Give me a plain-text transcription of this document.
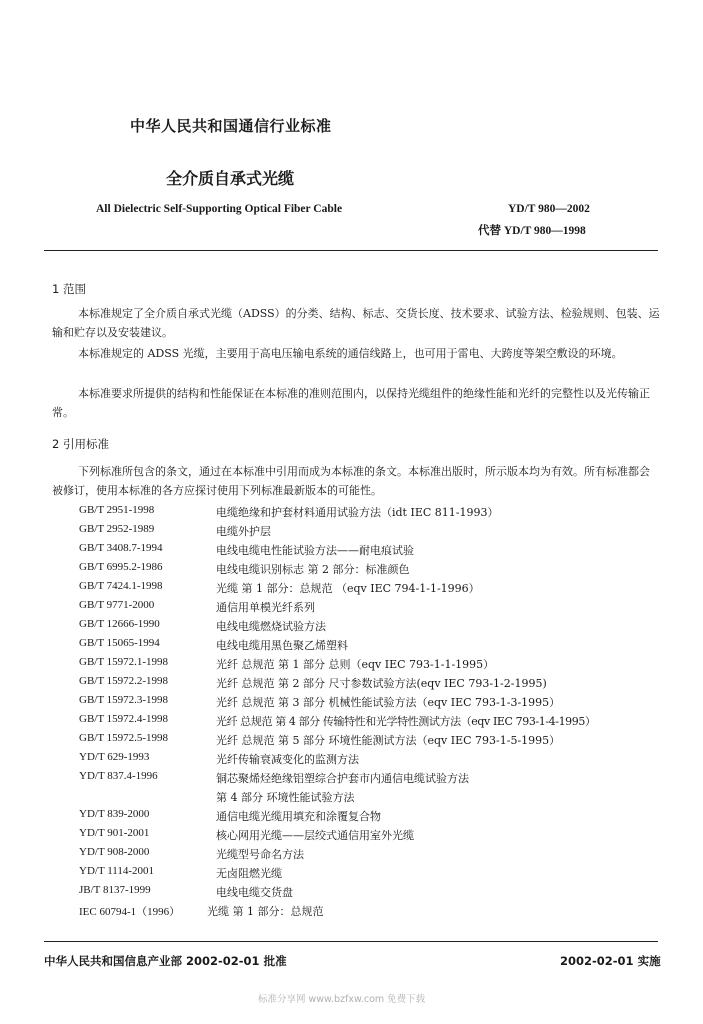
中华人民共和国通信行业标准
全介质自承式光缆
All Dielectric Self-Supporting Optical Fiber Cable	YD/T 980—2002
代替 YD/T 980—1998
1 范围
本标准规定了全介质自承式光缆（ADSS）的分类、结构、标志、交货长度、技术要求、试验方法、检验规则、包装、运输和贮存以及安装建议。
本标准规定的 ADSS 光缆，主要用于高电压输电系统的通信线路上，也可用于雷电、大跨度等架空敷设的环境。
本标准要求所提供的结构和性能保证在本标准的准则范围内，以保持光缆组件的绝缘性能和光纤的完整性以及光传输正常。
2 引用标准
下列标准所包含的条文，通过在本标准中引用而成为本标准的条文。本标准出版时，所示版本均为有效。所有标准都会被修订，使用本标准的各方应探讨使用下列标准最新版本的可能性。
GB/T 2951-1998	电缆绝缘和护套材料通用试验方法（idt IEC 811-1993）
GB/T 2952-1989	电缆外护层
GB/T 3408.7-1994	电线电缆电性能试验方法——耐电痕试验
GB/T 6995.2-1986	电线电缆识别标志 第 2 部分：标准颜色
GB/T 7424.1-1998	光缆 第 1 部分：总规范 （eqv IEC 794-1-1-1996）
GB/T 9771-2000	通信用单模光纤系列
GB/T 12666-1990	电线电缆燃烧试验方法
GB/T 15065-1994	电线电缆用黑色聚乙烯塑料
GB/T 15972.1-1998	光纤 总规范 第 1 部分 总则（eqv IEC 793-1-1-1995）
GB/T 15972.2-1998	光纤 总规范 第 2 部分 尺寸参数试验方法(eqv IEC 793-1-2-1995)
GB/T 15972.3-1998	光纤 总规范 第 3 部分 机械性能试验方法（eqv IEC 793-1-3-1995）
GB/T 15972.4-1998	光纤 总规范 第 4 部分 传输特性和光学特性测试方法（eqv IEC 793-1-4-1995）
GB/T 15972.5-1998	光纤 总规范 第 5 部分 环境性能测试方法（eqv IEC 793-1-5-1995）
YD/T 629-1993	光纤传输衰减变化的监测方法
YD/T 837.4-1996	铜芯聚烯烃绝缘铝塑综合护套市内通信电缆试验方法
第 4 部分 环境性能试验方法
YD/T 839-2000	通信电缆光缆用填充和涂覆复合物
YD/T 901-2001	核心网用光缆——层绞式通信用室外光缆
YD/T 908-2000	光缆型号命名方法
YD/T 1114-2001	无卤阻燃光缆
JB/T 8137-1999	电线电缆交货盘
IEC 60794-1（1996） 光缆 第 1 部分：总规范
中华人民共和国信息产业部 2002-02-01 批准	2002-02-01 实施
标准分享网 www.bzfxw.com 免费下载
